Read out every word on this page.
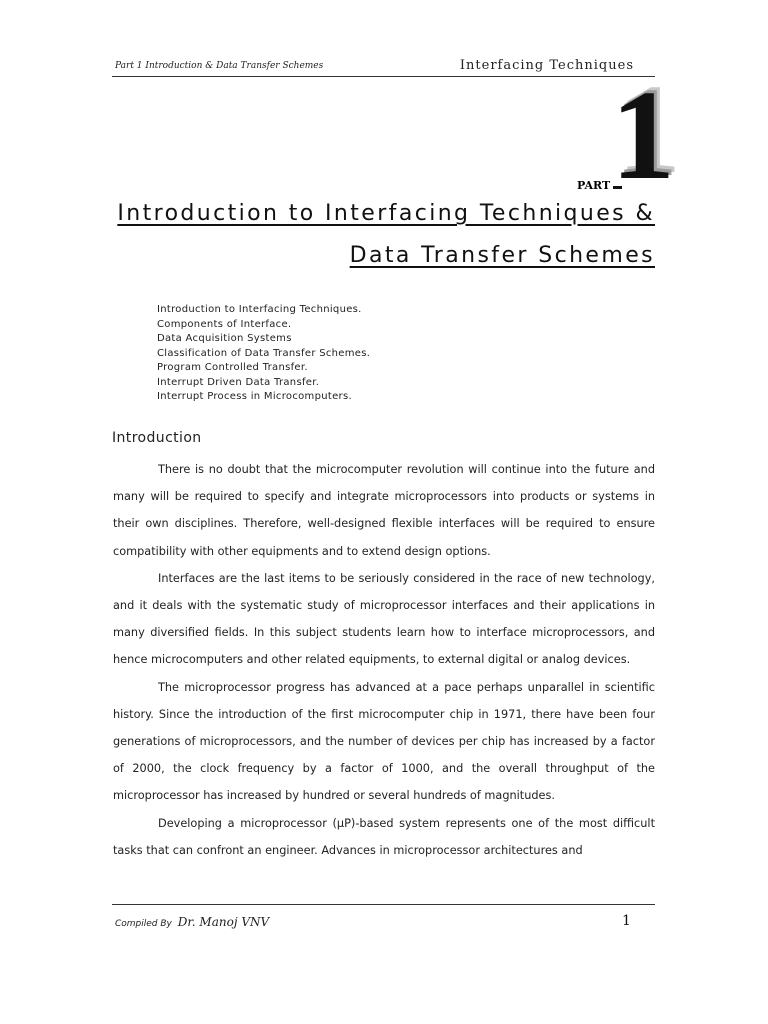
Part 1 Introduction & Data Transfer Schemes	Interfacing Techniques
PART 1
Introduction to Interfacing Techniques &
Data Transfer Schemes
Introduction to Interfacing Techniques.
Components of Interface.
Data Acquisition Systems
Classification of Data Transfer Schemes.
Program Controlled Transfer.
Interrupt Driven Data Transfer.
Interrupt Process in Microcomputers.
Introduction

There is no doubt that the microcomputer revolution will continue into the future and many will be required to specify and integrate microprocessors into products or systems in their own disciplines. Therefore, well-designed flexible interfaces will be required to ensure compatibility with other equipments and to extend design options.

Interfaces are the last items to be seriously considered in the race of new technology, and it deals with the systematic study of microprocessor interfaces and their applications in many diversified fields. In this subject students learn how to interface microprocessors, and hence microcomputers and other related equipments, to external digital or analog devices.

The microprocessor progress has advanced at a pace perhaps unparallel in scientific history. Since the introduction of the first microcomputer chip in 1971, there have been four generations of microprocessors, and the number of devices per chip has increased by a factor of 2000, the clock frequency by a factor of 1000, and the overall throughput of the microprocessor has increased by hundred or several hundreds of magnitudes.

Developing a microprocessor (µP)-based system represents one of the most difficult tasks that can confront an engineer. Advances in microprocessor architectures and

Compiled By Dr. Manoj VNV	1
